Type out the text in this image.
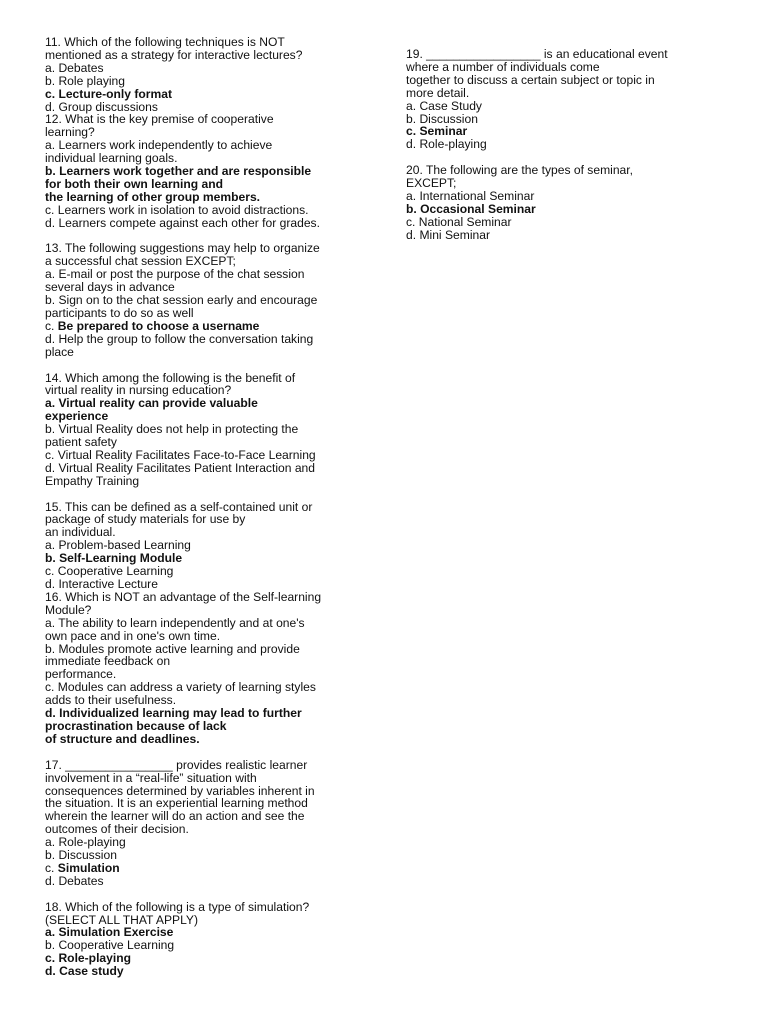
11. Which of the following techniques is NOT
mentioned as a strategy for interactive lectures?
a. Debates
b. Role playing
c. Lecture-only format
d. Group discussions
12. What is the key premise of cooperative
learning?
a. Learners work independently to achieve
individual learning goals.
b. Learners work together and are responsible
for both their own learning and
the learning of other group members.
c. Learners work in isolation to avoid distractions.
d. Learners compete against each other for grades.
13. The following suggestions may help to organize
a successful chat session EXCEPT;
a. E-mail or post the purpose of the chat session
several days in advance
b. Sign on to the chat session early and encourage
participants to do so as well
c. Be prepared to choose a username
d. Help the group to follow the conversation taking
place
14. Which among the following is the benefit of
virtual reality in nursing education?
a. Virtual reality can provide valuable
experience
b. Virtual Reality does not help in protecting the
patient safety
c. Virtual Reality Facilitates Face-to-Face Learning
d. Virtual Reality Facilitates Patient Interaction and
Empathy Training
15. This can be defined as a self-contained unit or
package of study materials for use by
an individual.
a. Problem-based Learning
b. Self-Learning Module
c. Cooperative Learning
d. Interactive Lecture
16. Which is NOT an advantage of the Self-learning
Module?
a. The ability to learn independently and at one's
own pace and in one's own time.
b. Modules promote active learning and provide
immediate feedback on
performance.
c. Modules can address a variety of learning styles
adds to their usefulness.
d. Individualized learning may lead to further
procrastination because of lack
of structure and deadlines.
17. ________________ provides realistic learner
involvement in a “real-life” situation with
consequences determined by variables inherent in
the situation. It is an experiential learning method
wherein the learner will do an action and see the
outcomes of their decision.
a. Role-playing
b. Discussion
c. Simulation
d. Debates
18. Which of the following is a type of simulation?
(SELECT ALL THAT APPLY)
a. Simulation Exercise
b. Cooperative Learning
c. Role-playing
d. Case study
19. _________________ is an educational event
where a number of individuals come
together to discuss a certain subject or topic in
more detail.
a. Case Study
b. Discussion
c. Seminar
d. Role-playing
20. The following are the types of seminar,
EXCEPT;
a. International Seminar
b. Occasional Seminar
c. National Seminar
d. Mini Seminar
